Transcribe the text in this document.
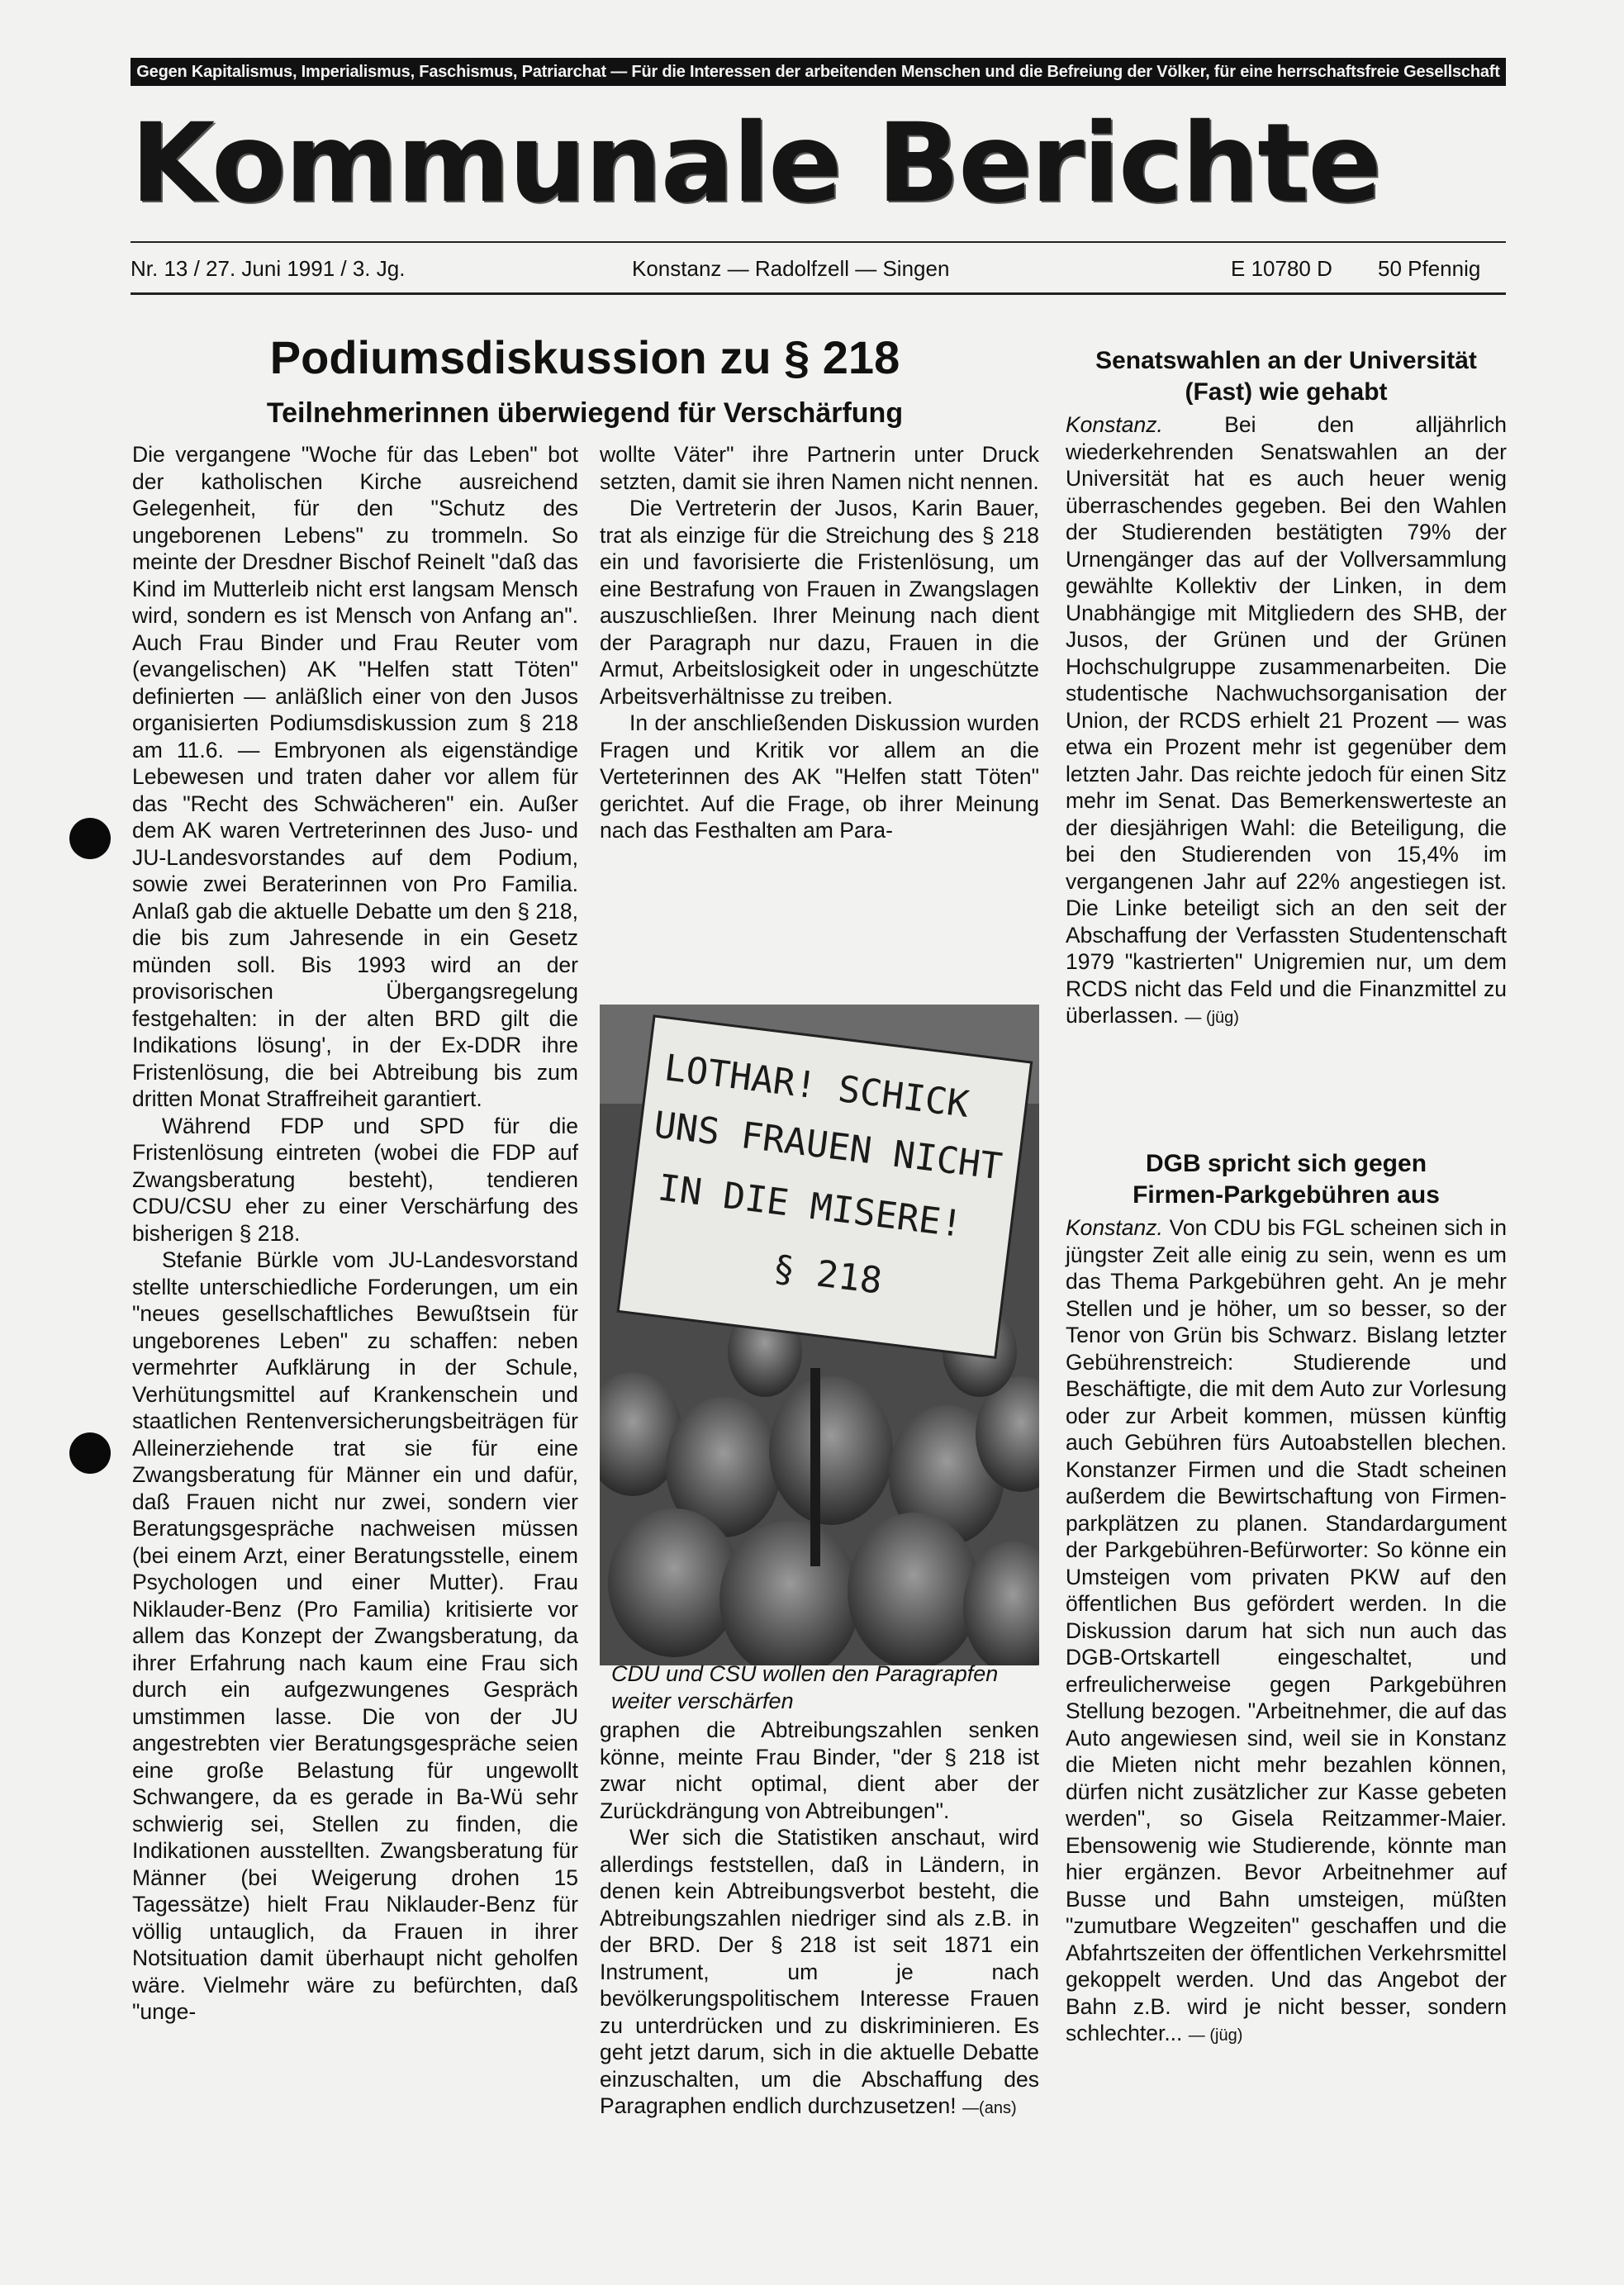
Gegen Kapitalismus, Imperialismus, Faschismus, Patriarchat — Für die Interessen der arbeitenden Menschen und die Befreiung der Völker, für eine herrschaftsfreie Gesellschaft
Kommunale Berichte
Nr. 13 / 27. Juni 1991 / 3. Jg.	Konstanz — Radolfzell — Singen	E 10780 D 50 Pfennig
Podiumsdiskussion zu § 218
Teilnehmerinnen überwiegend für Verschärfung

Die vergangene "Woche für das Leben" bot der katholischen Kirche ausreichend Gelegenheit, für den "Schutz des ungeborenen Lebens" zu trommeln. So meinte der Dresdner Bischof Reinelt "daß das Kind im Mutterleib nicht erst langsam Mensch wird, sondern es ist Mensch von Anfang an". Auch Frau Binder und Frau Reuter vom (evangelischen) AK "Helfen statt Töten" definierten — anläßlich einer von den Jusos organisierten Podiumsdiskussion zum § 218 am 11.6. — Embryonen als eigenständige Lebewesen und traten daher vor allem für das "Recht des Schwächeren" ein. Außer dem AK waren Vertreterinnen des Juso- und JU-Landesvorstandes auf dem Podium, sowie zwei Beraterinnen von Pro Familia. Anlaß gab die aktuelle Debatte um den § 218, die bis zum Jahresende in ein Gesetz münden soll. Bis 1993 wird an der provisorischen Übergangsregelung festgehalten: in der alten BRD gilt die Indikations lösung', in der Ex-DDR ihre Fristenlösung, die bei Abtreibung bis zum dritten Monat Straffreiheit garantiert.

Während FDP und SPD für die Fristenlösung eintreten (wobei die FDP auf Zwangsberatung besteht), tendieren CDU/CSU eher zu einer Verschärfung des bisherigen § 218.

Stefanie Bürkle vom JU-Landesvorstand stellte unterschiedliche Forderungen, um ein "neues gesellschaftliches Bewußtsein für ungeborenes Leben" zu schaffen: neben vermehrter Aufklärung in der Schule, Verhütungsmittel auf Krankenschein und staatlichen Rentenversicherungsbeiträgen für Alleinerziehende trat sie für eine Zwangsberatung für Männer ein und dafür, daß Frauen nicht nur zwei, sondern vier Beratungsgespräche nachweisen müssen (bei einem Arzt, einer Beratungsstelle, einem Psychologen und einer Mutter). Frau Niklauder-Benz (Pro Familia) kritisierte vor allem das Konzept der Zwangsberatung, da ihrer Erfahrung nach kaum eine Frau sich durch ein aufgezwungenes Gespräch umstimmen lasse. Die von der JU angestrebten vier Beratungsgespräche seien eine große Belastung für ungewollt Schwangere, da es gerade in Ba-Wü sehr schwierig sei, Stellen zu finden, die Indikationen ausstellten. Zwangsberatung für Männer (bei Weigerung drohen 15 Tagessätze) hielt Frau Niklauder-Benz für völlig untauglich, da Frauen in ihrer Notsituation damit überhaupt nicht geholfen wäre. Vielmehr wäre zu befürchten, daß "unge-

wollte Väter" ihre Partnerin unter Druck setzten, damit sie ihren Namen nicht nennen.

Die Vertreterin der Jusos, Karin Bauer, trat als einzige für die Streichung des § 218 ein und favorisierte die Fristenlösung, um eine Bestrafung von Frauen in Zwangslagen auszuschließen. Ihrer Meinung nach dient der Paragraph nur dazu, Frauen in die Armut, Arbeitslosigkeit oder in ungeschützte Arbeitsverhältnisse zu treiben.

In der anschließenden Diskussion wurden Fragen und Kritik vor allem an die Verteterinnen des AK "Helfen statt Töten" gerichtet. Auf die Frage, ob ihrer Meinung nach das Festhalten am Para-

LOTHAR! SCHICK
UNS FRAUEN NICHT
IN DIE MISERE!
§ 218
CDU und CSU wollen den Paragrapfen weiter verschärfen

graphen die Abtreibungszahlen senken könne, meinte Frau Binder, "der § 218 ist zwar nicht optimal, dient aber der Zurückdrängung von Abtreibungen".

Wer sich die Statistiken anschaut, wird allerdings feststellen, daß in Ländern, in denen kein Abtreibungsverbot besteht, die Abtreibungszahlen niedriger sind als z.B. in der BRD. Der § 218 ist seit 1871 ein Instrument, um je nach bevölkerungspolitischem Interesse Frauen zu unterdrücken und zu diskriminieren. Es geht jetzt darum, sich in die aktuelle Debatte einzuschalten, um die Abschaffung des Paragraphen endlich durchzusetzen! —(ans)

Senatswahlen an der Universität
(Fast) wie gehabt

Konstanz. Bei den alljährlich wiederkehrenden Senatswahlen an der Universität hat es auch heuer wenig überraschendes gegeben. Bei den Wahlen der Studierenden bestätigten 79% der Urnengänger das auf der Vollversammlung gewählte Kollektiv der Linken, in dem Unabhängige mit Mitgliedern des SHB, der Jusos, der Grünen und der Grünen Hochschulgruppe zusammenarbeiten. Die studentische Nachwuchsorganisation der Union, der RCDS erhielt 21 Prozent — was etwa ein Prozent mehr ist gegenüber dem letzten Jahr. Das reichte jedoch für einen Sitz mehr im Senat. Das Bemerkenswerteste an der diesjährigen Wahl: die Beteiligung, die bei den Studierenden von 15,4% im vergangenen Jahr auf 22% angestiegen ist. Die Linke beteiligt sich an den seit der Abschaffung der Verfassten Studentenschaft 1979 "kastrierten" Unigremien nur, um dem RCDS nicht das Feld und die Finanzmittel zu überlassen. — (jüg)

DGB spricht sich gegen
Firmen-Parkgebühren aus

Konstanz. Von CDU bis FGL scheinen sich in jüngster Zeit alle einig zu sein, wenn es um das Thema Parkgebühren geht. An je mehr Stellen und je höher, um so besser, so der Tenor von Grün bis Schwarz. Bislang letzter Gebührenstreich: Studierende und Beschäftigte, die mit dem Auto zur Vorlesung oder zur Arbeit kommen, müssen künftig auch Gebühren fürs Autoabstellen blechen. Konstanzer Firmen und die Stadt scheinen außerdem die Bewirtschaftung von Firmen-parkplätzen zu planen. Standardargument der Parkgebühren-Befürworter: So könne ein Umsteigen vom privaten PKW auf den öffentlichen Bus gefördert werden. In die Diskussion darum hat sich nun auch das DGB-Ortskartell eingeschaltet, und erfreulicherweise gegen Parkgebühren Stellung bezogen. "Arbeitnehmer, die auf das Auto angewiesen sind, weil sie in Konstanz die Mieten nicht mehr bezahlen können, dürfen nicht zusätzlicher zur Kasse gebeten werden", so Gisela Reitzammer-Maier. Ebensowenig wie Studierende, könnte man hier ergänzen. Bevor Arbeitnehmer auf Busse und Bahn umsteigen, müßten "zumutbare Wegzeiten" geschaffen und die Abfahrtszeiten der öffentlichen Verkehrsmittel gekoppelt werden. Und das Angebot der Bahn z.B. wird je nicht besser, sondern schlechter... — (jüg)
